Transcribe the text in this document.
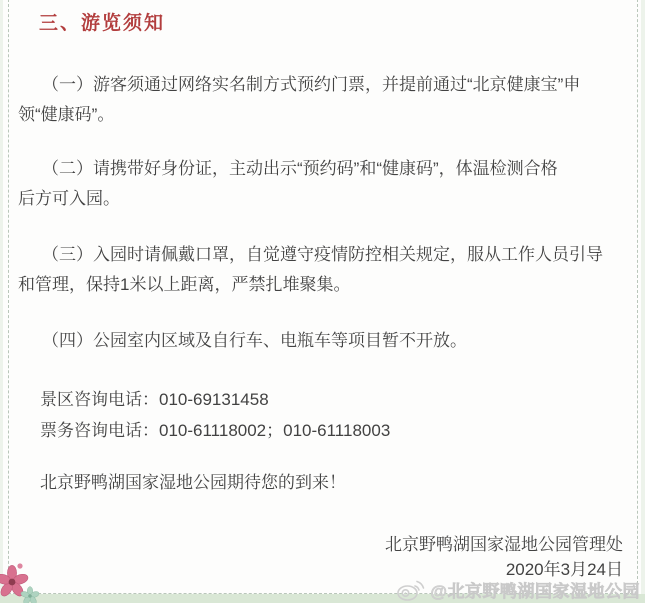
三、游览须知
（一）游客须通过网络实名制方式预约门票，并提前通过“北京健康宝”申
领“健康码”。
（二）请携带好身份证，主动出示“预约码”和“健康码”，体温检测合格
后方可入园。
（三）入园时请佩戴口罩，自觉遵守疫情防控相关规定，服从工作人员引导
和管理，保持1米以上距离，严禁扎堆聚集。
（四）公园室内区域及自行车、电瓶车等项目暂不开放。
景区咨询电话：010-69131458
票务咨询电话：010-61118002；010-61118003
北京野鸭湖国家湿地公园期待您的到来！
北京野鸭湖国家湿地公园管理处
2020年3月24日
@北京野鸭湖国家湿地公园
